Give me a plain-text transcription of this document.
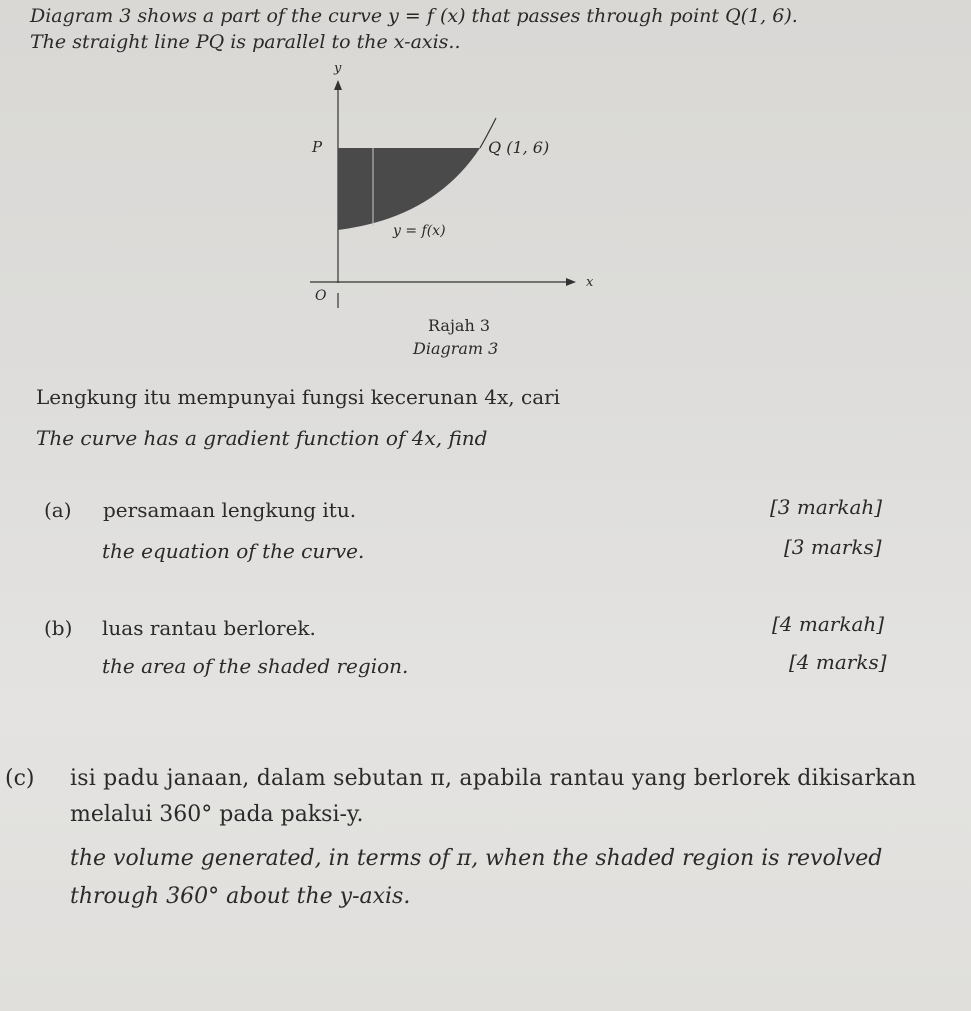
Diagram 3 shows a part of the curve y = f (x) that passes through point Q(1, 6).
The straight line PQ is parallel to the x-axis..
y
x
O
P	Q (1, 6)
y = f(x)
Rajah 3
Diagram 3
Lengkung itu mempunyai fungsi kecerunan 4x, cari
The curve has a gradient function of 4x, find
(a) persamaan lengkung itu.	[3 markah]
the equation of the curve.	[3 marks]
(b) luas rantau berlorek.	[4 markah]
the area of the shaded region.	[4 marks]
(c) isi padu janaan, dalam sebutan π, apabila rantau yang berlorek dikisarkan
melalui 360° pada paksi-y.
the volume generated, in terms of π, when the shaded region is revolved
through 360° about the y-axis.
